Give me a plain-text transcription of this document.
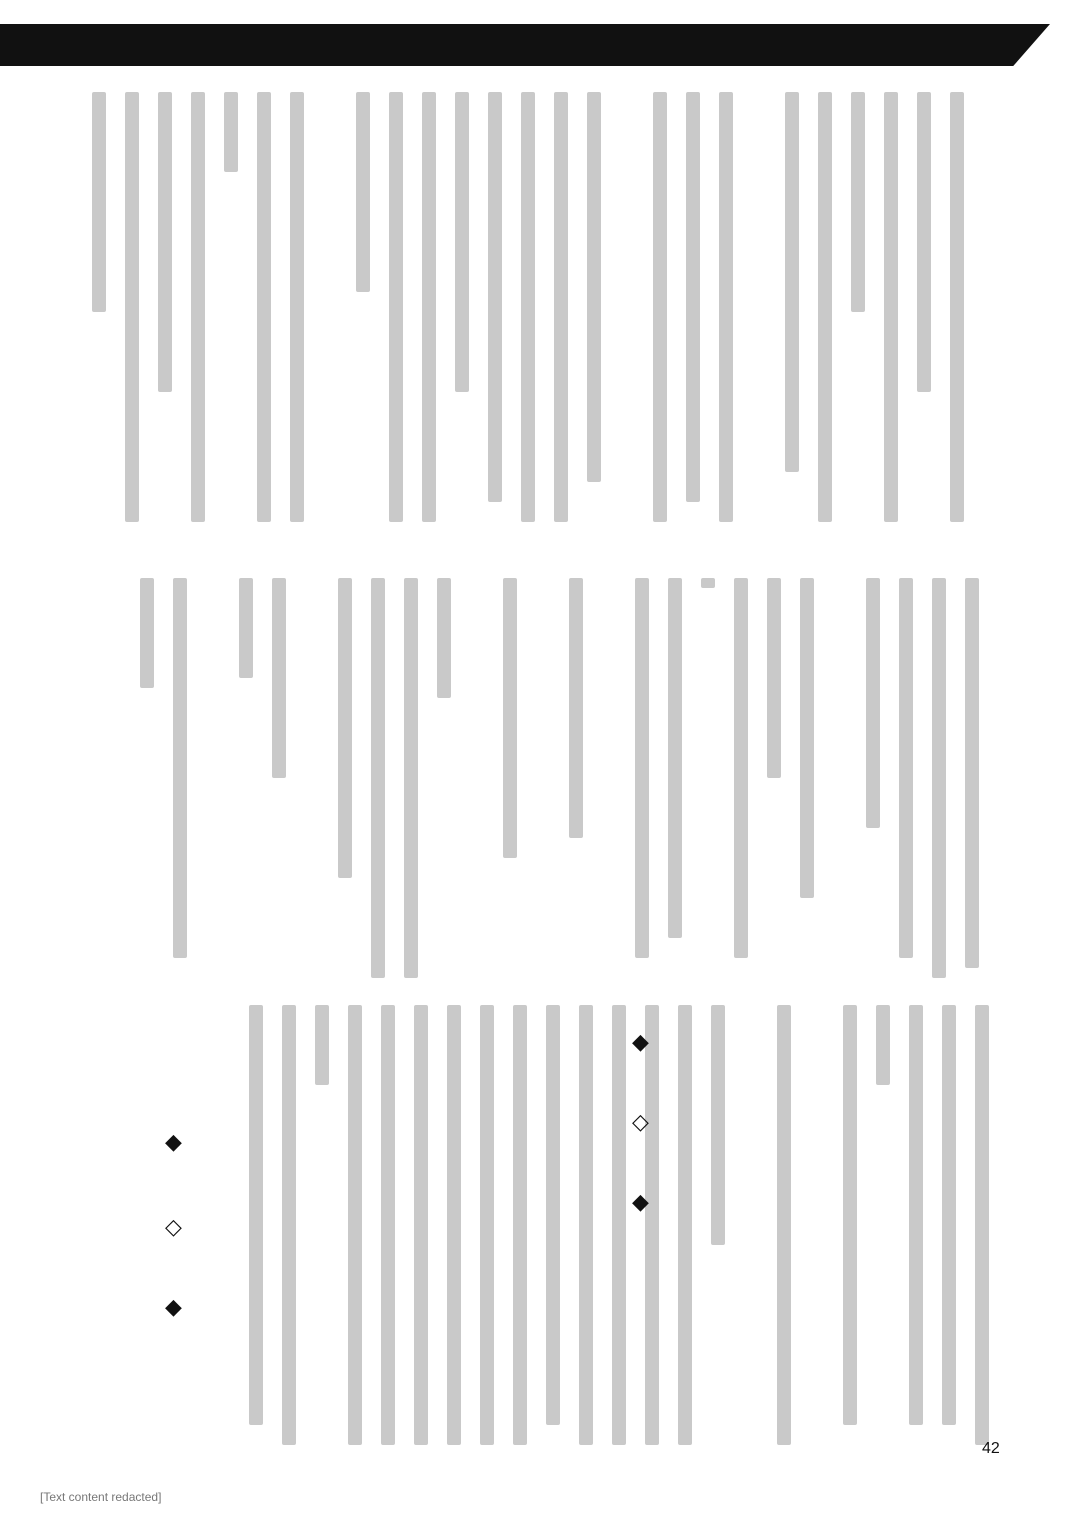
◆
◇
◆
◆
◇
◆
42
[Text content redacted]
